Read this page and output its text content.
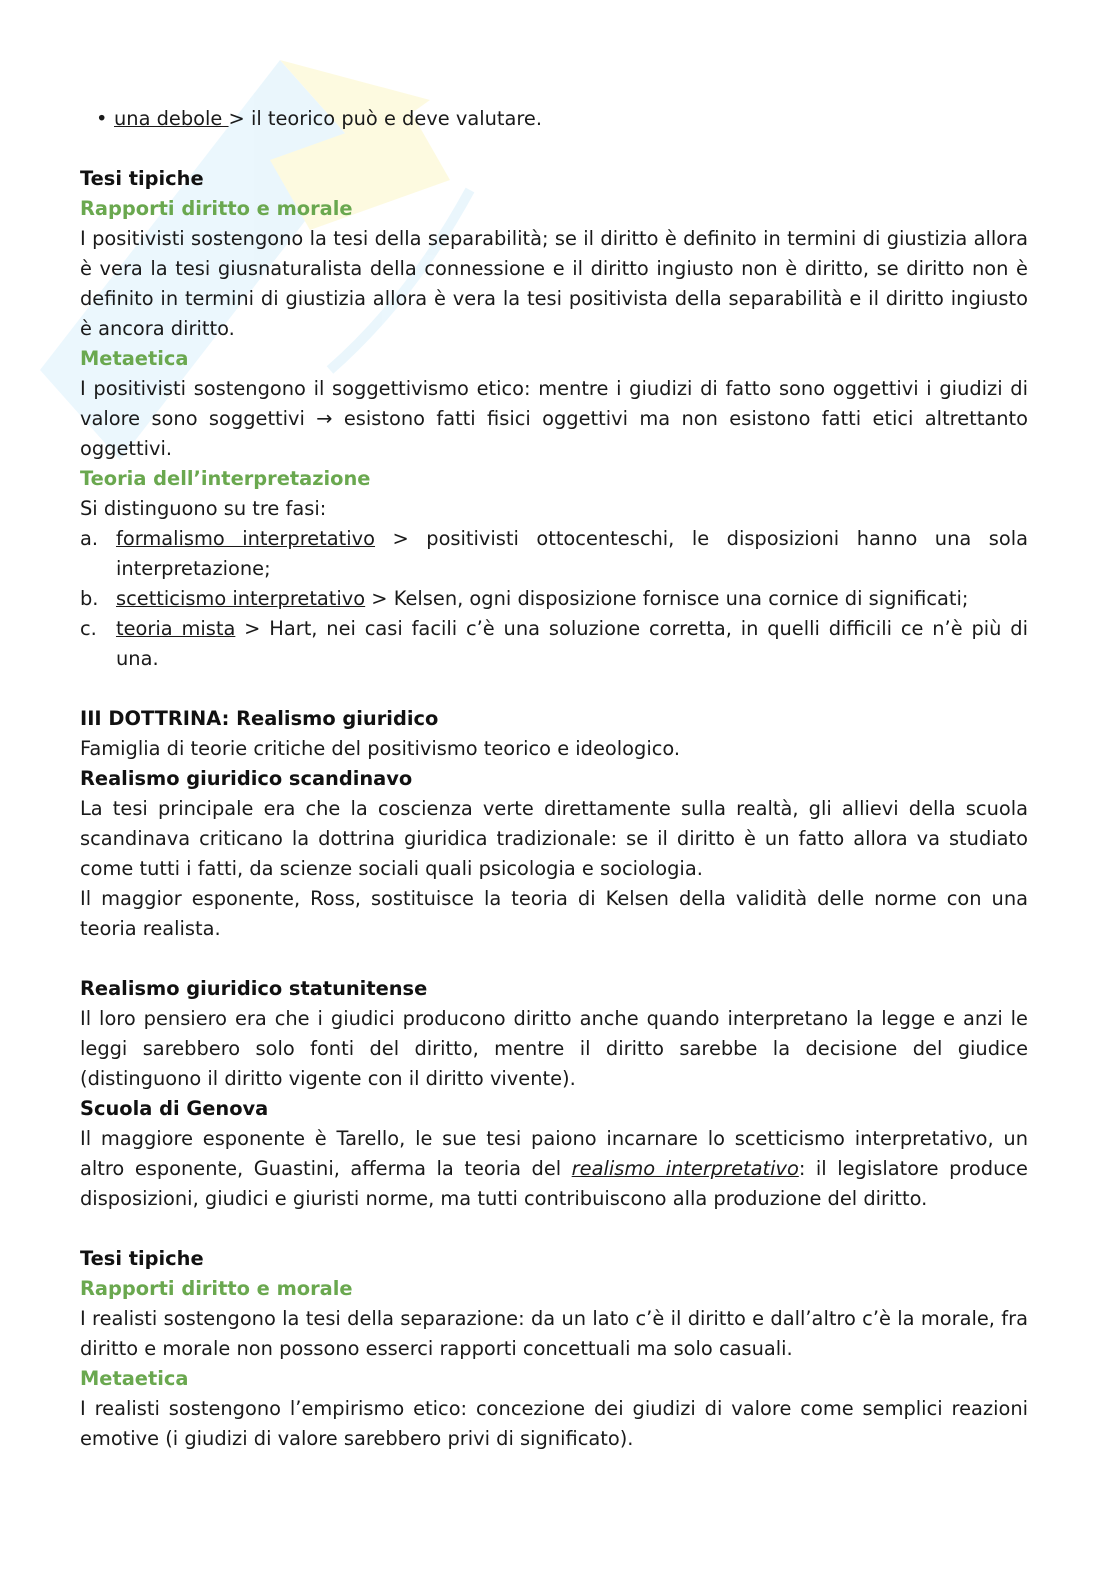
• una debole > il teorico può e deve valutare.
Tesi tipiche
Rapporti diritto e morale

I positivisti sostengono la tesi della separabilità; se il diritto è definito in termini di giustizia allora è vera la tesi giusnaturalista della connessione e il diritto ingiusto non è diritto, se diritto non è definito in termini di giustizia allora è vera la tesi positivista della separabilità e il diritto ingiusto è ancora diritto.

Metaetica

I positivisti sostengono il soggettivismo etico: mentre i giudizi di fatto sono oggettivi i giudizi di valore sono soggettivi → esistono fatti fisici oggettivi ma non esistono fatti etici altrettanto oggettivi.

Teoria dell’interpretazione

Si distinguono su tre fasi:

a. formalismo interpretativo > positivisti ottocenteschi, le disposizioni hanno una sola interpretazione;
b. scetticismo interpretativo > Kelsen, ogni disposizione fornisce una cornice di significati;
c. teoria mista > Hart, nei casi facili c’è una soluzione corretta, in quelli difficili ce n’è più di una.
III DOTTRINA: Realismo giuridico

Famiglia di teorie critiche del positivismo teorico e ideologico.

Realismo giuridico scandinavo

La tesi principale era che la coscienza verte direttamente sulla realtà, gli allievi della scuola scandinava criticano la dottrina giuridica tradizionale: se il diritto è un fatto allora va studiato come tutti i fatti, da scienze sociali quali psicologia e sociologia.

Il maggior esponente, Ross, sostituisce la teoria di Kelsen della validità delle norme con una teoria realista.

Realismo giuridico statunitense

Il loro pensiero era che i giudici producono diritto anche quando interpretano la legge e anzi le leggi sarebbero solo fonti del diritto, mentre il diritto sarebbe la decisione del giudice (distinguono il diritto vigente con il diritto vivente).

Scuola di Genova

Il maggiore esponente è Tarello, le sue tesi paiono incarnare lo scetticismo interpretativo, un altro esponente, Guastini, afferma la teoria del realismo interpretativo: il legislatore produce disposizioni, giudici e giuristi norme, ma tutti contribuiscono alla produzione del diritto.

Tesi tipiche
Rapporti diritto e morale

I realisti sostengono la tesi della separazione: da un lato c’è il diritto e dall’altro c’è la morale, fra diritto e morale non possono esserci rapporti concettuali ma solo casuali.

Metaetica

I realisti sostengono l’empirismo etico: concezione dei giudizi di valore come semplici reazioni emotive (i giudizi di valore sarebbero privi di significato).
